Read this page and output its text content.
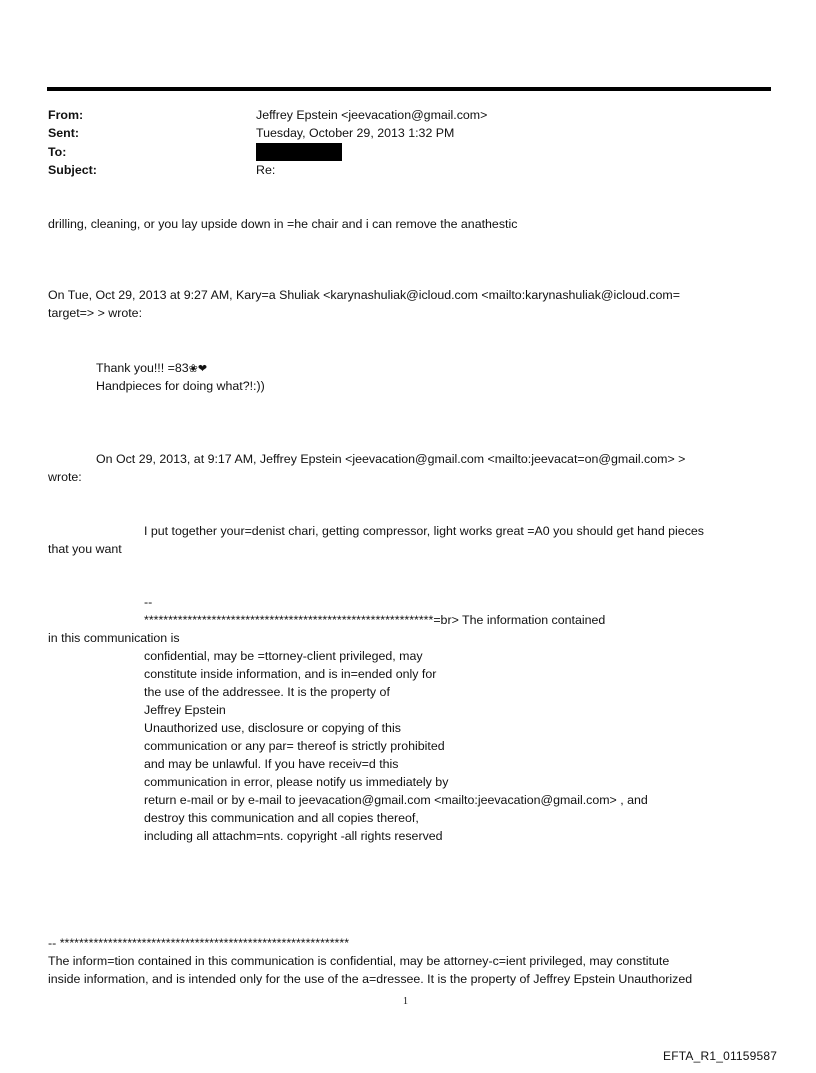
From:	Jeffrey Epstein <jeevacation@gmail.com>
Sent:	Tuesday, October 29, 2013 1:32 PM
To:
Subject:	Re:
drilling, cleaning, or you lay upside down in =he chair and i can remove the anathestic
On Tue, Oct 29, 2013 at 9:27 AM, Kary=a Shuliak <karynashuliak@icloud.com <mailto:karynashuliak@icloud.com=
target=> > wrote:
Thank you!!! =83❀❤
Handpieces for doing what?!:))
On Oct 29, 2013, at 9:17 AM, Jeffrey Epstein <jeevacation@gmail.com <mailto:jeevacat=on@gmail.com> >
wrote:
I put together your=denist chari, getting compressor, light works great =A0 you should get hand pieces
that you want
--
************************************************************=br> The information contained
in this communication is
confidential, may be =ttorney-client privileged, may
constitute inside information, and is in=ended only for
the use of the addressee. It is the property of
Jeffrey Epstein
Unauthorized use, disclosure or copying of this
communication or any par= thereof is strictly prohibited
and may be unlawful. If you have receiv=d this
communication in error, please notify us immediately by
return e-mail or by e-mail to jeevacation@gmail.com <mailto:jeevacation@gmail.com> , and
destroy this communication and all copies thereof,
including all attachm=nts. copyright -all rights reserved
-- ************************************************************
The inform=tion contained in this communication is confidential, may be attorney-c=ient privileged, may constitute
inside information, and is intended only for the use of the a=dressee. It is the property of Jeffrey Epstein Unauthorized
1
EFTA_R1_01159587
